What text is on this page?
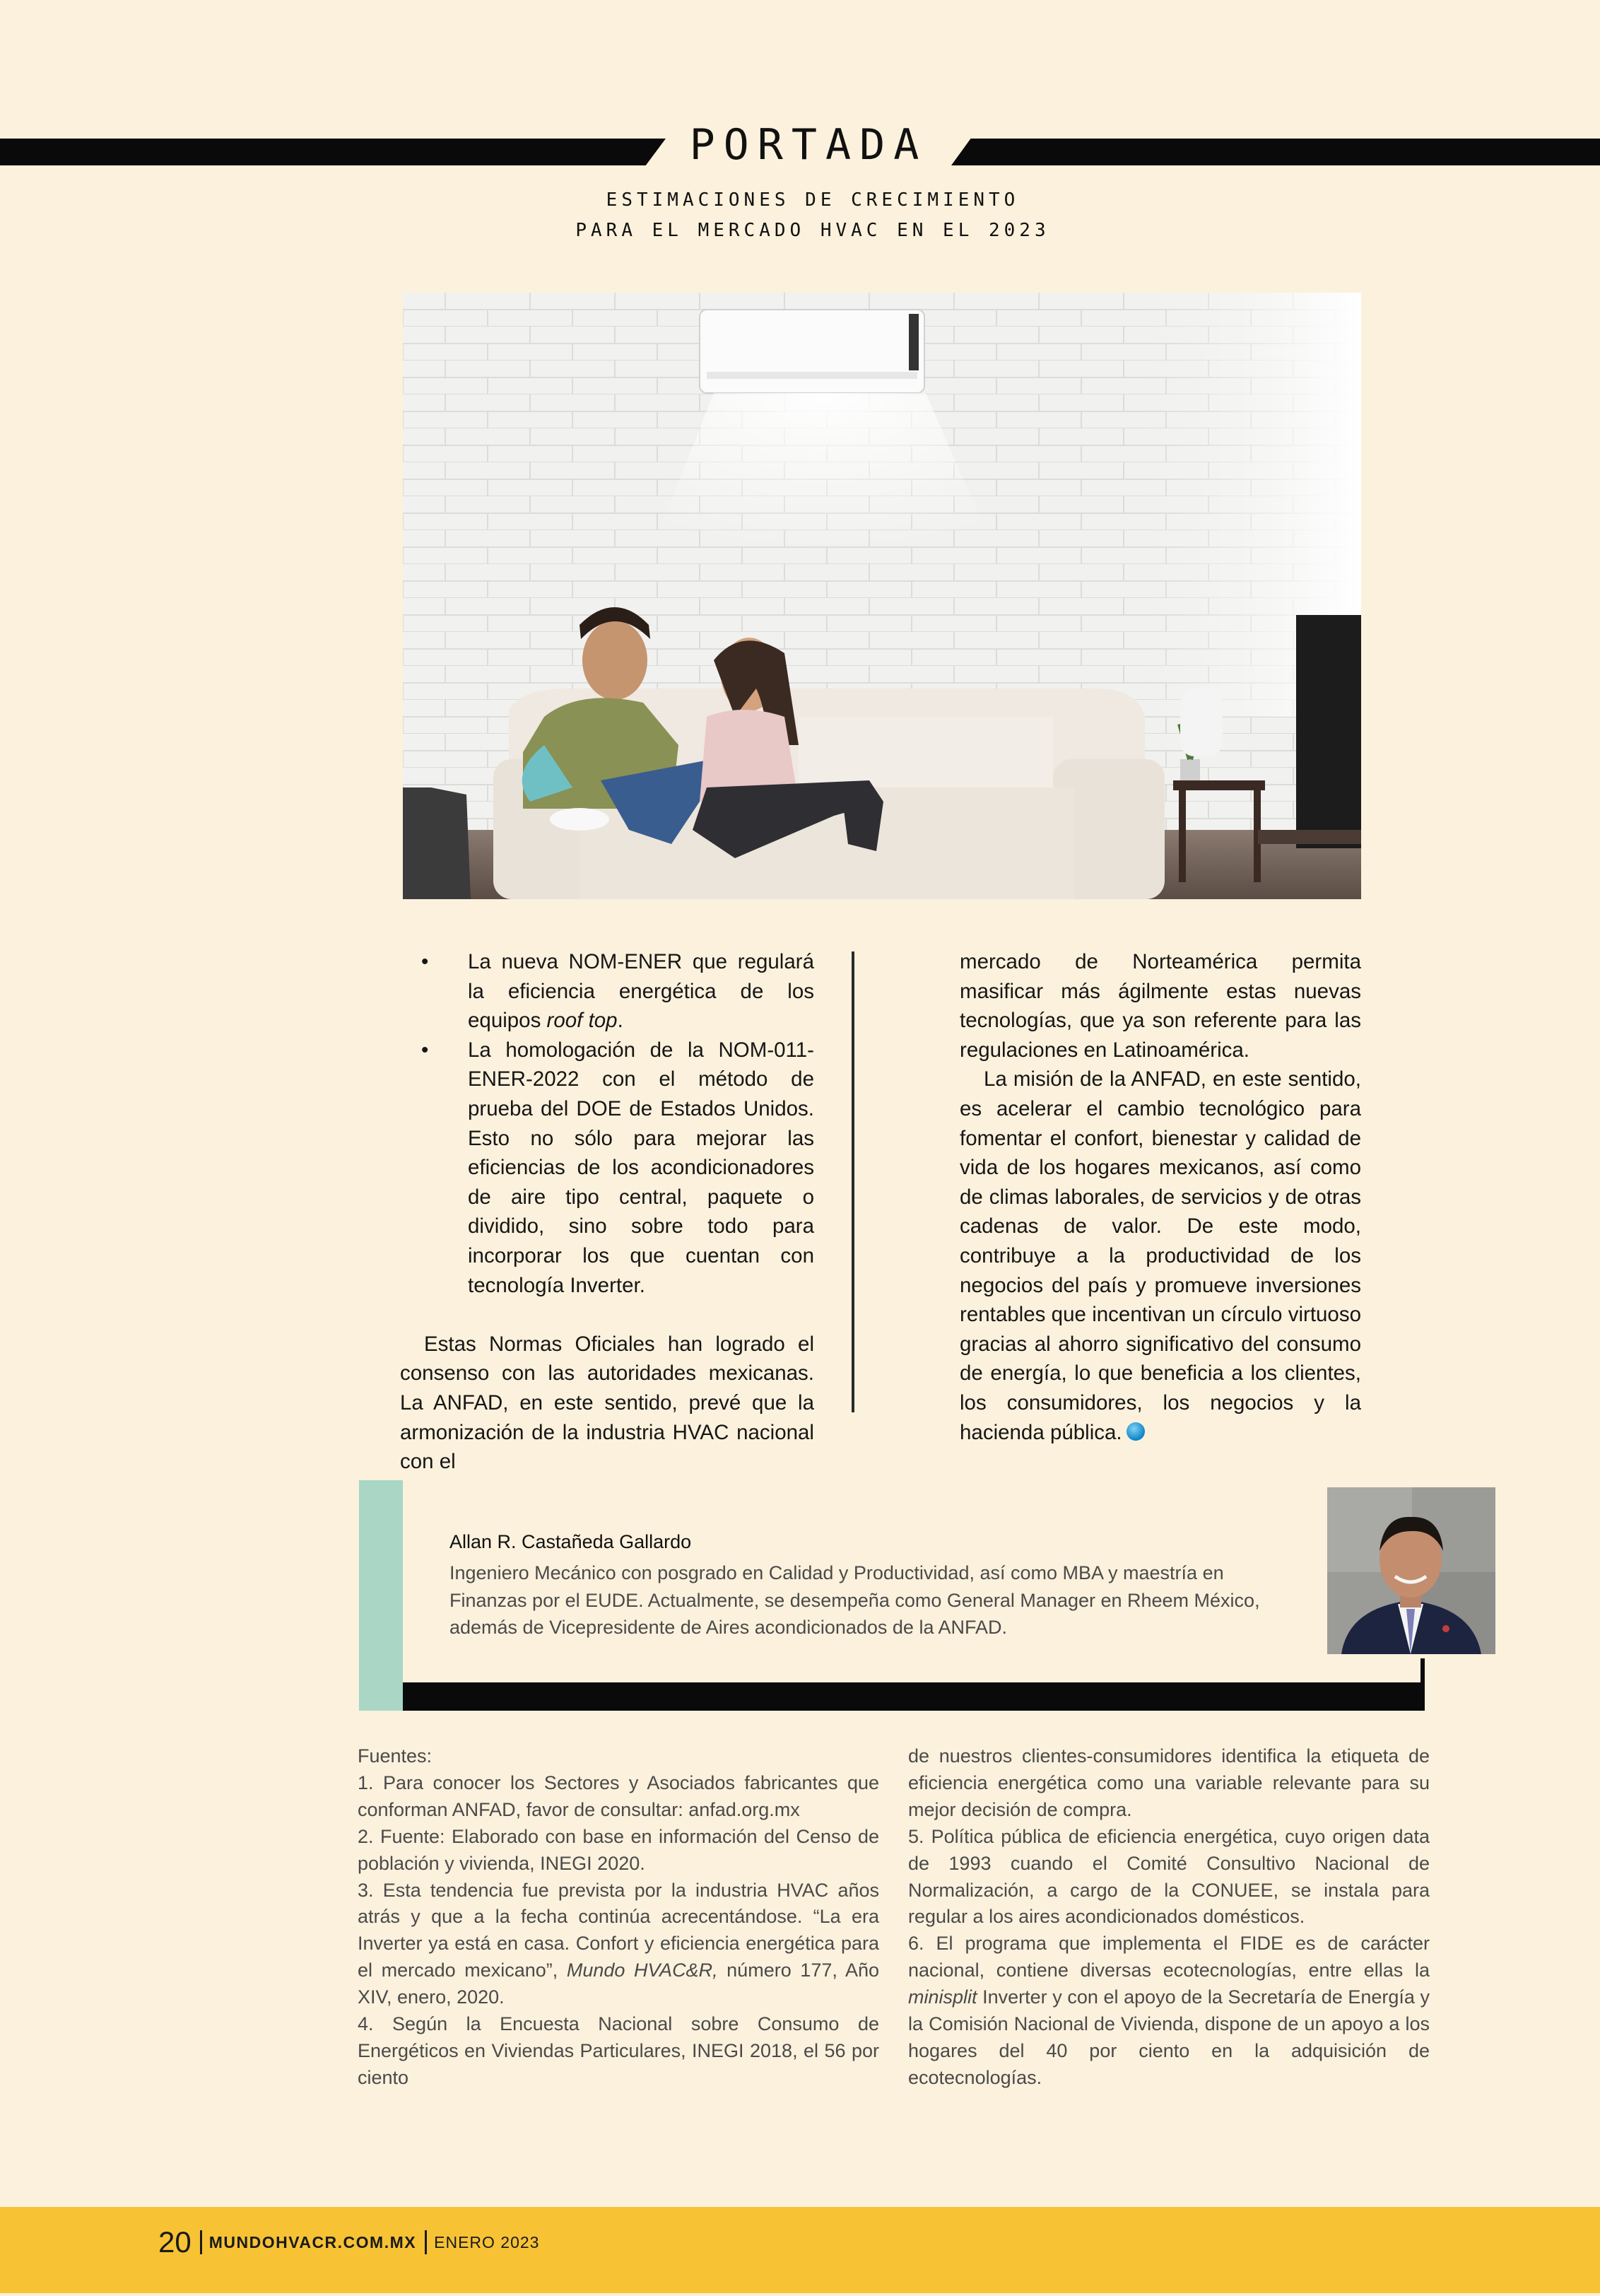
PORTADA
ESTIMACIONES DE CRECIMIENTO
PARA EL MERCADO HVAC EN EL 2023
• La nueva NOM-ENER que regulará la eficiencia energética de los equipos roof top.
• La homologación de la NOM-011-ENER-2022 con el método de prueba del DOE de Estados Unidos. Esto no sólo para mejorar las eficiencias de los acondicionadores de aire tipo central, paquete o dividido, sino sobre todo para incorporar los que cuentan con tecnología Inverter.
Estas Normas Oficiales han logrado el consenso con las autoridades mexicanas. La ANFAD, en este sentido, prevé que la armonización de la industria HVAC nacional con el
mercado de Norteamérica permita masificar más ágilmente estas nuevas tecnologías, que ya son referente para las regulaciones en Latinoamérica.
La misión de la ANFAD, en este sentido, es acelerar el cambio tecnológico para fomentar el confort, bienestar y calidad de vida de los hogares mexicanos, así como de climas laborales, de servicios y de otras cadenas de valor. De este modo, contribuye a la productividad de los negocios del país y promueve inversiones rentables que incentivan un círculo virtuoso gracias al ahorro significativo del consumo de energía, lo que beneficia a los clientes, los consumidores, los negocios y la hacienda pública.
Allan R. Castañeda Gallardo
Ingeniero Mecánico con posgrado en Calidad y Productividad, así como MBA y maestría en Finanzas por el EUDE. Actualmente, se desempeña como General Manager en Rheem México, además de Vicepresidente de Aires acondicionados de la ANFAD.
Fuentes:
1. Para conocer los Sectores y Asociados fabricantes que conforman ANFAD, favor de consultar: anfad.org.mx
2. Fuente: Elaborado con base en información del Censo de población y vivienda, INEGI 2020.
3. Esta tendencia fue prevista por la industria HVAC años atrás y que a la fecha continúa acrecentándose. “La era Inverter ya está en casa. Confort y eficiencia energética para el mercado mexicano”, Mundo HVAC&R, número 177, Año XIV, enero, 2020.
4. Según la Encuesta Nacional sobre Consumo de Energéticos en Viviendas Particulares, INEGI 2018, el 56 por ciento
de nuestros clientes-consumidores identifica la etiqueta de eficiencia energética como una variable relevante para su mejor decisión de compra.
5. Política pública de eficiencia energética, cuyo origen data de 1993 cuando el Comité Consultivo Nacional de Normalización, a cargo de la CONUEE, se instala para regular a los aires acondicionados domésticos.
6. El programa que implementa el FIDE es de carácter nacional, contiene diversas ecotecnologías, entre ellas la minisplit Inverter y con el apoyo de la Secretaría de Energía y la Comisión Nacional de Vivienda, dispone de un apoyo a los hogares del 40 por ciento en la adquisición de ecotecnologías.
20 MUNDOHVACR.COM.MX ENERO 2023
